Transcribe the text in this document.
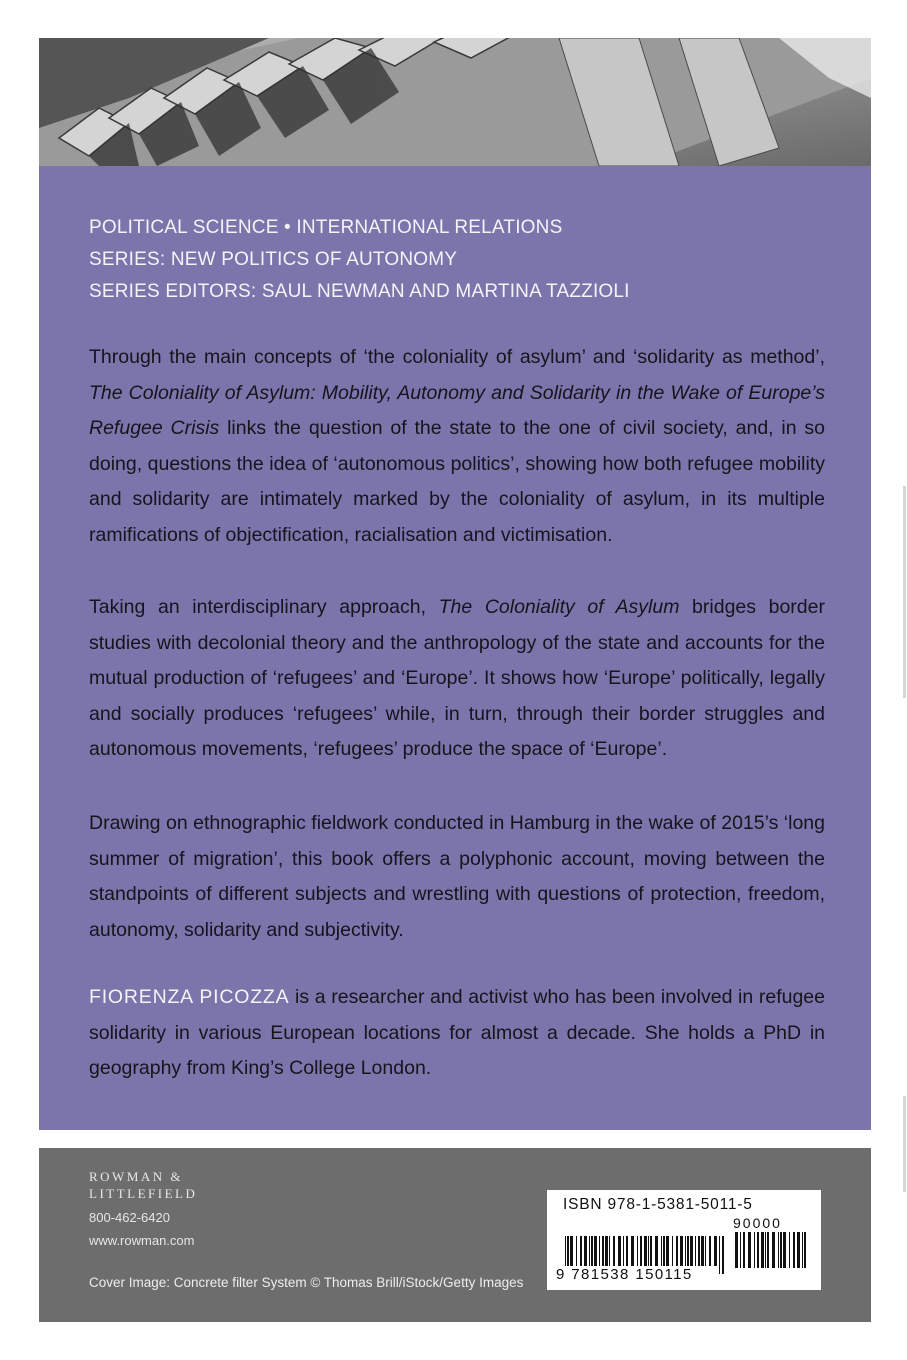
POLITICAL SCIENCE • INTERNATIONAL RELATIONS
SERIES: NEW POLITICS OF AUTONOMY
SERIES EDITORS: SAUL NEWMAN AND MARTINA TAZZIOLI
Through the main concepts of ‘the coloniality of asylum’ and ‘solidarity as method’, The Coloniality of Asylum: Mobility, Autonomy and Solidarity in the Wake of Europe’s Refugee Crisis links the question of the state to the one of civil society, and, in so doing, questions the idea of ‘autonomous politics’, showing how both refugee mobility and solidarity are intimately marked by the coloniality of asylum, in its multiple ramifications of objectification, racialisation and victimisation.
Taking an interdisciplinary approach, The Coloniality of Asylum bridges border studies with decolonial theory and the anthropology of the state and accounts for the mutual production of ‘refugees’ and ‘Europe’. It shows how ‘Europe’ politically, legally and socially produces ‘refugees’ while, in turn, through their border struggles and autonomous movements, ‘refugees’ produce the space of ‘Europe’.
Drawing on ethnographic fieldwork conducted in Hamburg in the wake of 2015’s ‘long summer of migration’, this book offers a polyphonic account, moving between the standpoints of different subjects and wrestling with questions of protection, freedom, autonomy, solidarity and subjectivity.
FIORENZA PICOZZA is a researcher and activist who has been involved in refugee solidarity in various European locations for almost a decade. She holds a PhD in geography from King’s College London.
ROWMAN &
LITTLEFIELD
800-462-6420
www.rowman.com
Cover Image: Concrete filter System © Thomas Brill/iStock/Getty Images
ISBN 978-1-5381-5011-5
90000
9 781538 150115
